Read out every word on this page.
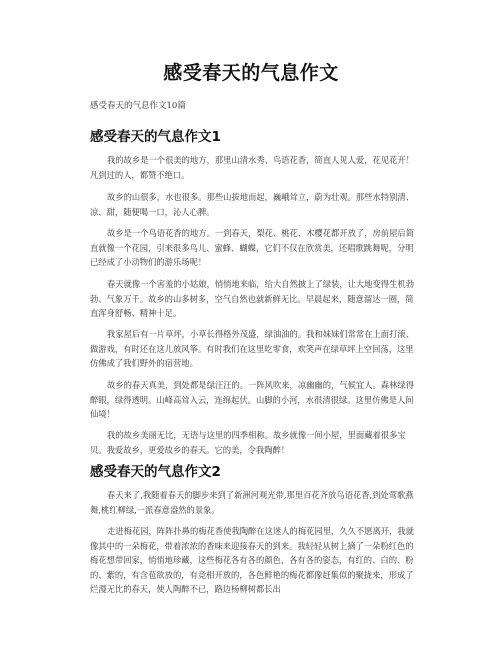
感受春天的气息作文
感受春天的气息作文10篇
感受春天的气息作文1

我的故乡是一个很美的地方，那里山清水秀、鸟语花香，简直人见人爱，花见花开！凡到过的人，都赞不绝口。

故乡的山很多，水也很多。那些山拔地而起，巍峨耸立，蔚为壮观。那些水特别清、凉、甜，随便喝一口，沁人心脾。

故乡是一个鸟语花香的地方。一到春天，梨花、桃花、木樱花都开放了，房前屋后简直就像一个花园，引来很多鸟儿、蜜蜂、蝴蝶，它们不仅在欣赏美，还唱歌跳舞呢，分明已经成了小动物们的游乐场呢！

春天就像一个害羞的小姑娘，悄悄地来临，给大自然披上了绿装，让大地变得生机勃勃、气象万千。故乡的山多树多，空气自然也就新鲜无比。早晨起来，随意溜达一圈，简直浑身舒畅、精神十足。

我家屋后有一片草坪，小草长得格外茂盛，绿油油的。我和妹妹们常常在上面打滚、做游戏，有时还在这儿放风筝。有时我们在这里吃零食，欢笑声在绿草坪上空回荡，这里仿佛成了我们野外的宿营地。

故乡的春天真美，到处都是绿汪汪的。一阵风吹来，凉幽幽的，气候宜人。森林绿得醉眼，绿得透明。山峰高耸入云，连绵起伏。山脚的小河，水很清很绿。这里仿佛是人间仙境！

我的故乡美丽无比，无语与这里的四季相称。故乡就像一间小屋，里面藏着很多宝贝。我爱故乡，更爱故乡的春天。它的美，令我陶醉！

感受春天的气息作文2

春天来了,我随着春天的脚步来到了新洲河观光带,那里百花齐放鸟语花香,到处莺歌燕舞,桃红柳绿,一派春意盎然的景象。

走进梅花园，阵阵扑鼻的梅花香使我陶醉在这迷人的梅花园里，久久不愿离开，我就像其中的一朵梅花，带着浓浓的香味来迎接春天的到来。我轻轻从树上摘了一朵粉红色的梅花想带回家，悄悄地珍藏，这些梅花各有各的颜色，各有各的姿态，有红的、白的、粉的、紫的，有含苞欲放的，有竞相开放的，各色鲜艳的梅花都像赶集似的聚拢来，形成了烂漫无比的春天，使人陶醉不已，路边杨柳树都长出
